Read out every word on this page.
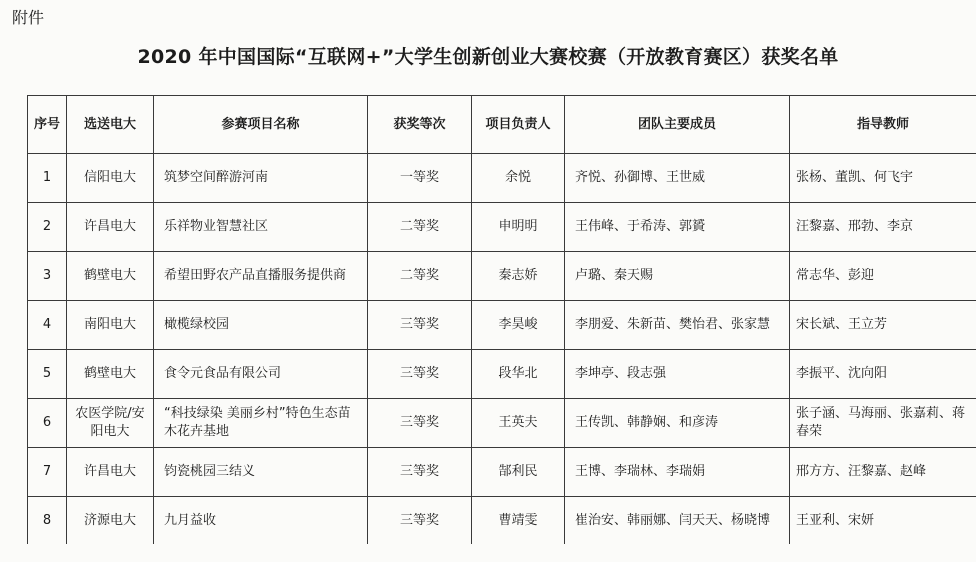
附件
2020 年中国国际“互联网+”大学生创新创业大赛校赛（开放教育赛区）获奖名单
序号	选送电大	参赛项目名称	获奖等次	项目负责人	团队主要成员	指导教师
1	信阳电大	筑梦空间醉游河南	一等奖	余悦	齐悦、孙御博、王世威	张杨、董凯、何飞宇
2	许昌电大	乐祥物业智慧社区	二等奖	申明明	王伟峰、于希涛、郭贇	汪黎嘉、邢勃、李京
3	鹤壁电大	希望田野农产品直播服务提供商	二等奖	秦志娇	卢璐、秦天赐	常志华、彭迎
4	南阳电大	橄榄绿校园	三等奖	李昊峻	李朋爱、朱新苗、樊怡君、张家慧	宋长斌、王立芳
5	鹤壁电大	食令元食品有限公司	三等奖	段华北	李坤亭、段志强	李振平、沈向阳
6	农医学院/安阳电大	“科技绿染 美丽乡村”特色生态苗木花卉基地	三等奖	王英夫	王传凯、韩静娴、和彦涛	张子涵、马海丽、张嘉莉、蒋春荣
7	许昌电大	钧瓷桃园三结义	三等奖	郜利民	王博、李瑞林、李瑞娟	邢方方、汪黎嘉、赵峰
8	济源电大	九月益收	三等奖	曹靖雯	崔治安、韩丽娜、闫天天、杨晓博	王亚利、宋妍
